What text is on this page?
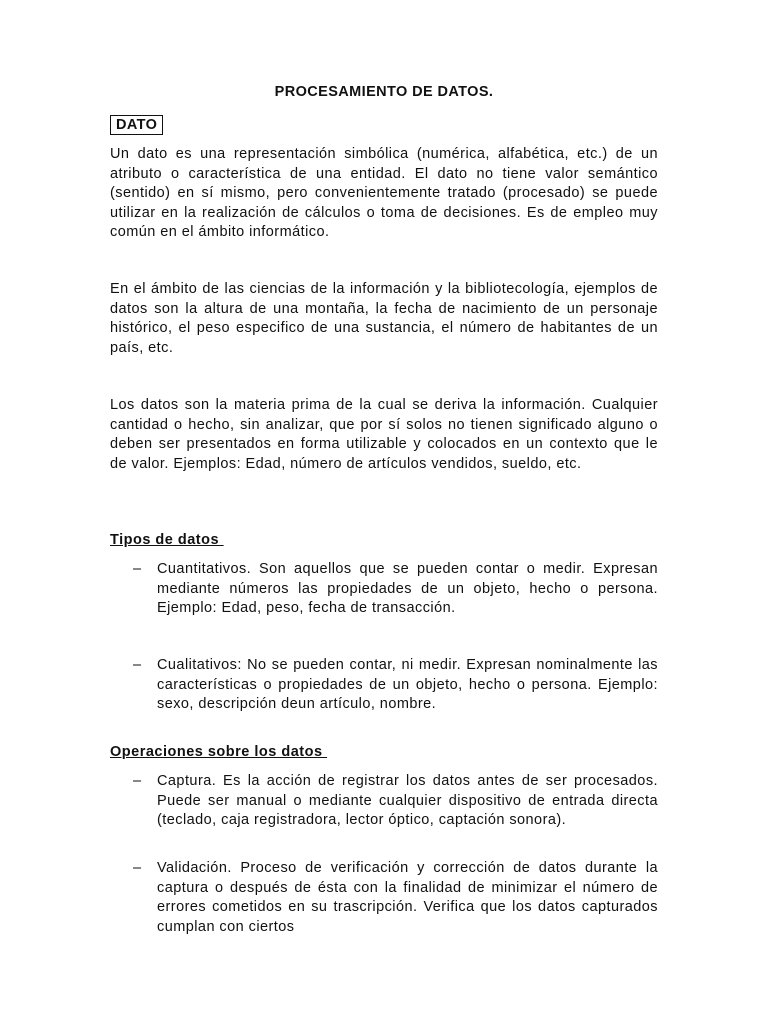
PROCESAMIENTO DE DATOS.
DATO

Un dato es una representación simbólica (numérica, alfabética, etc.) de un atributo o característica de una entidad. El dato no tiene valor semántico (sentido) en sí mismo, pero convenientemente tratado (procesado) se puede utilizar en la realización de cálculos o toma de decisiones. Es de empleo muy común en el ámbito informático.

En el ámbito de las ciencias de la información y la bibliotecología, ejemplos de datos son la altura de una montaña, la fecha de nacimiento de un personaje histórico, el peso especifico de una sustancia, el número de habitantes de un país, etc.

Los datos son la materia prima de la cual se deriva la información. Cualquier cantidad o hecho, sin analizar, que por sí solos no tienen significado alguno o deben ser presentados en forma utilizable y colocados en un contexto que le de valor. Ejemplos: Edad, número de artículos vendidos, sueldo, etc.

Tipos de datos
–	Cuantitativos. Son aquellos que se pueden contar o medir. Expresan mediante números las propiedades de un objeto, hecho o persona. Ejemplo: Edad, peso, fecha de transacción.
–	Cualitativos: No se pueden contar, ni medir. Expresan nominalmente las características o propiedades de un objeto, hecho o persona. Ejemplo: sexo, descripción deun artículo, nombre.
Operaciones sobre los datos
–	Captura. Es la acción de registrar los datos antes de ser procesados. Puede ser manual o mediante cualquier dispositivo de entrada directa (teclado, caja registradora, lector óptico, captación sonora).
–	Validación. Proceso de verificación y corrección de datos durante la captura o después de ésta con la finalidad de minimizar el número de errores cometidos en su trascripción. Verifica que los datos capturados cumplan con ciertos
